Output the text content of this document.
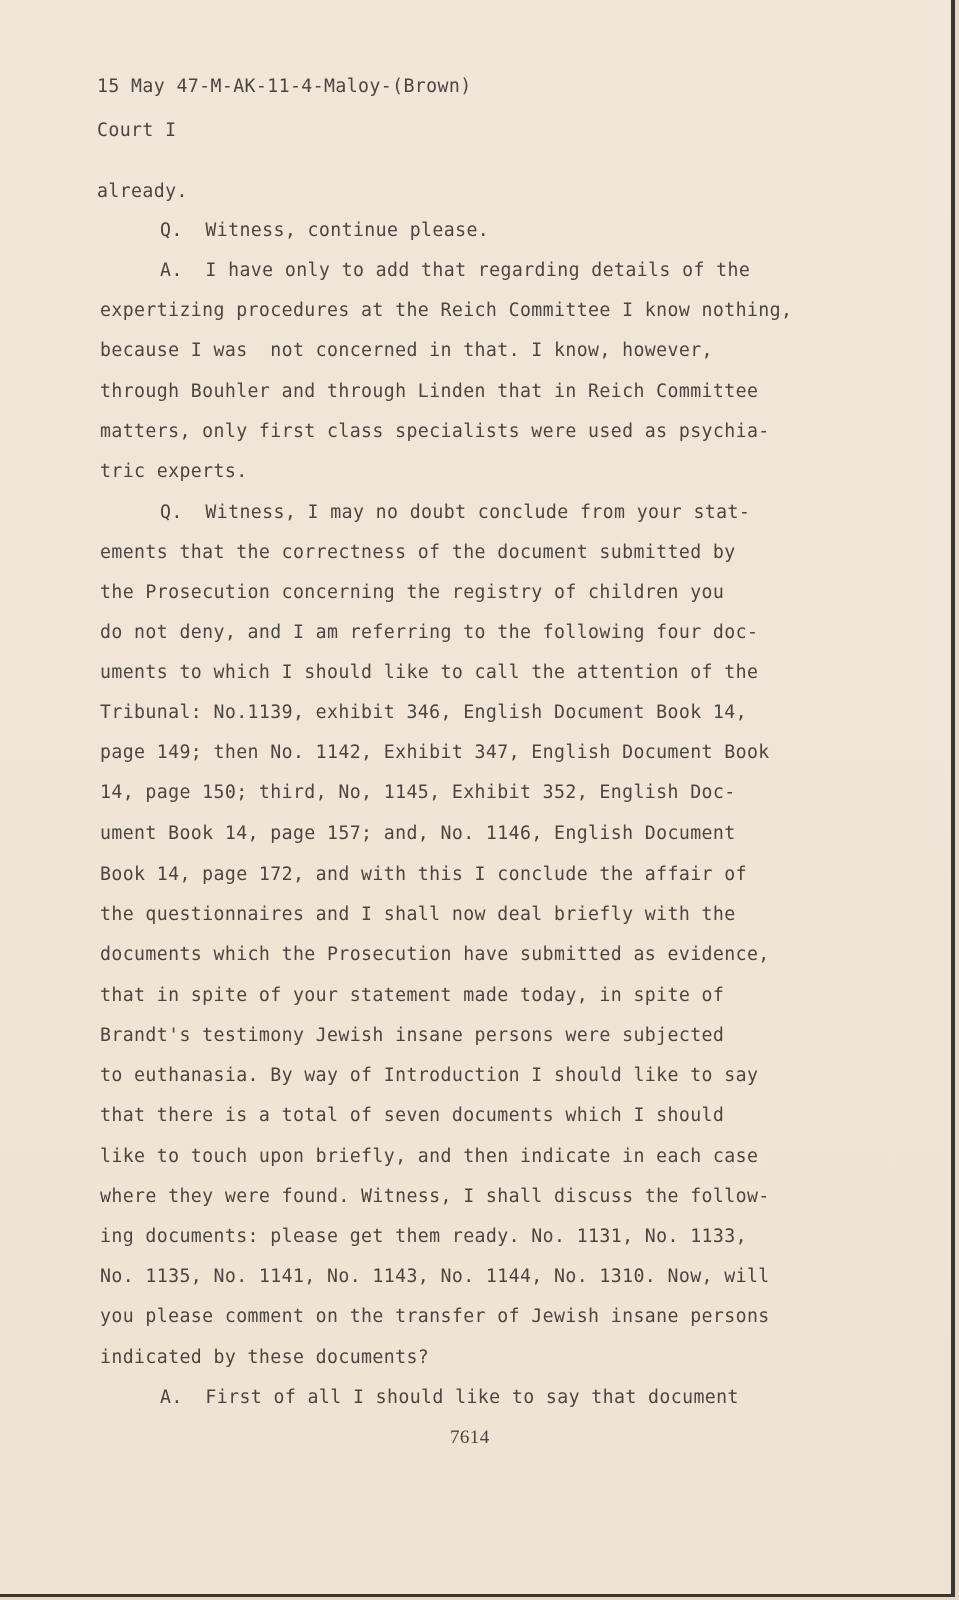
15 May 47-M-AK-11-4-Maloy-(Brown)

Court I

already.

Q.  Witness, continue please.

A.  I have only to add that regarding details of the

expertizing procedures at the Reich Committee I know nothing,

because I was  not concerned in that. I know, however,

through Bouhler and through Linden that in Reich Committee

matters, only first class specialists were used as psychia-

tric experts.

Q.  Witness, I may no doubt conclude from your stat-

ements that the correctness of the document submitted by

the Prosecution concerning the registry of children you

do not deny, and I am referring to the following four doc-

uments to which I should like to call the attention of the

Tribunal: No.1139, exhibit 346, English Document Book 14,

page 149; then No. 1142, Exhibit 347, English Document Book

14, page 150; third, No, 1145, Exhibit 352, English Doc-

ument Book 14, page 157; and, No. 1146, English Document

Book 14, page 172, and with this I conclude the affair of

the questionnaires and I shall now deal briefly with the

documents which the Prosecution have submitted as evidence,

that in spite of your statement made today, in spite of

Brandt's testimony Jewish insane persons were subjected

to euthanasia. By way of Introduction I should like to say

that there is a total of seven documents which I should

like to touch upon briefly, and then indicate in each case

where they were found. Witness, I shall discuss the follow-

ing documents: please get them ready. No. 1131, No. 1133,

No. 1135, No. 1141, No. 1143, No. 1144, No. 1310. Now, will

you please comment on the transfer of Jewish insane persons

indicated by these documents?

A.  First of all I should like to say that document

7614
